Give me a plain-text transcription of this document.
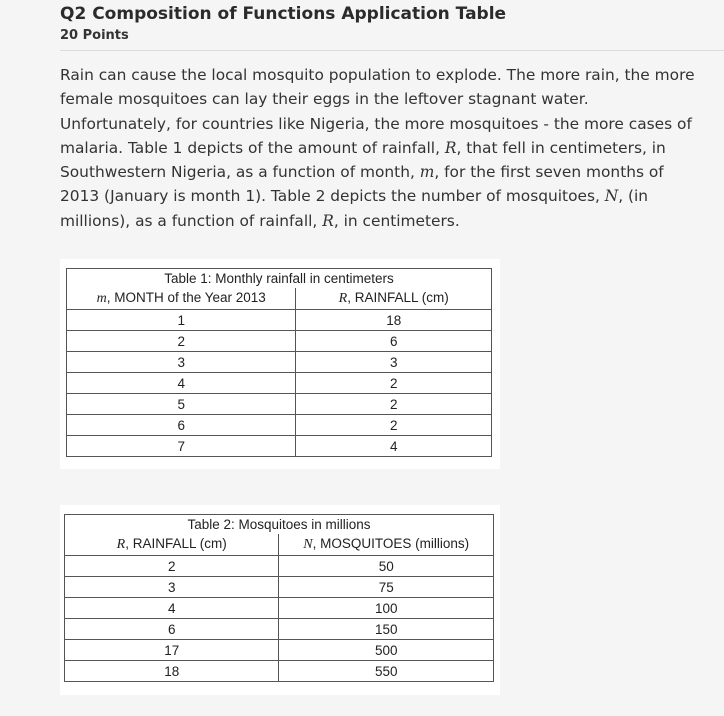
Q2 Composition of Functions Application Table
20 Points
Rain can cause the local mosquito population to explode. The more rain, the more
female mosquitoes can lay their eggs in the leftover stagnant water.
Unfortunately, for countries like Nigeria, the more mosquitoes - the more cases of
malaria. Table 1 depicts of the amount of rainfall, R, that fell in centimeters, in
Southwestern Nigeria, as a function of month, m, for the first seven months of
2013 (January is month 1). Table 2 depicts the number of mosquitoes, N, (in
millions), as a function of rainfall, R, in centimeters.
Table 1: Monthly rainfall in centimeters	
m, MONTH of the Year 2013	R, RAINFALL (cm)
1	18
2	6
3	3
4	2
5	2
6	2
7	4
Table 2: Mosquitoes in millions	
R, RAINFALL (cm)	N, MOSQUITOES (millions)
2	50
3	75
4	100
6	150
17	500
18	550
